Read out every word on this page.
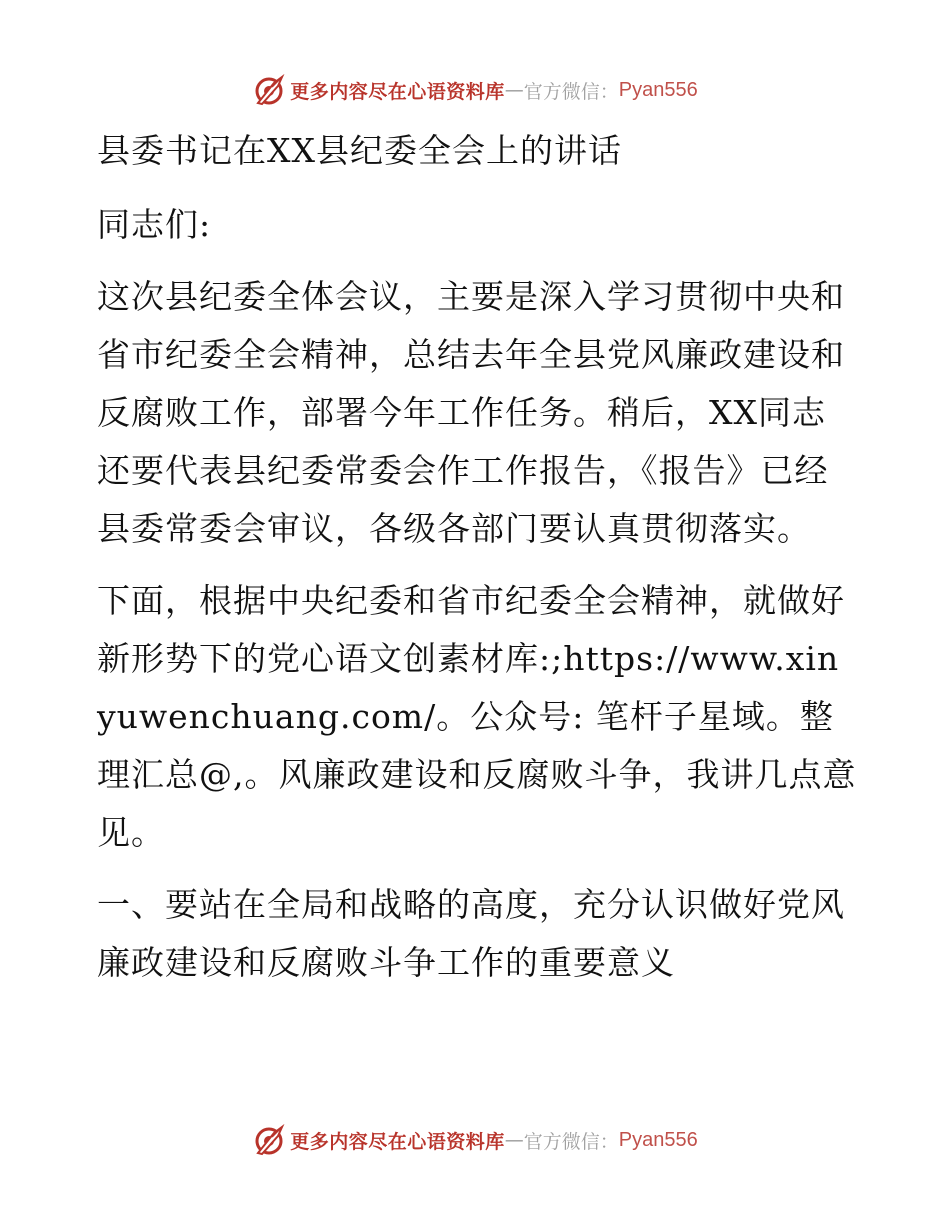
更多内容尽在心语资料库 — 官方微信： Pyan556

县委书记在XX县纪委全会上的讲话

同志们:

这次县纪委全体会议，主要是深入学习贯彻中央和省市纪委全会精神，总结去年全县党风廉政建设和反腐败工作，部署今年工作任务。稍后，XX同志还要代表县纪委常委会作工作报告，《报告》已经县委常委会审议，各级各部门要认真贯彻落实。

下面，根据中央纪委和省市纪委全会精神，就做好新形势下的党心语文创素材库:;https://www.xinyuwenchuang.com/。公众号: 笔杆子星域。整理汇总@,。风廉政建设和反腐败斗争，我讲几点意见。

一、要站在全局和战略的高度，充分认识做好党风廉政建设和反腐败斗争工作的重要意义

更多内容尽在心语资料库 — 官方微信： Pyan556
